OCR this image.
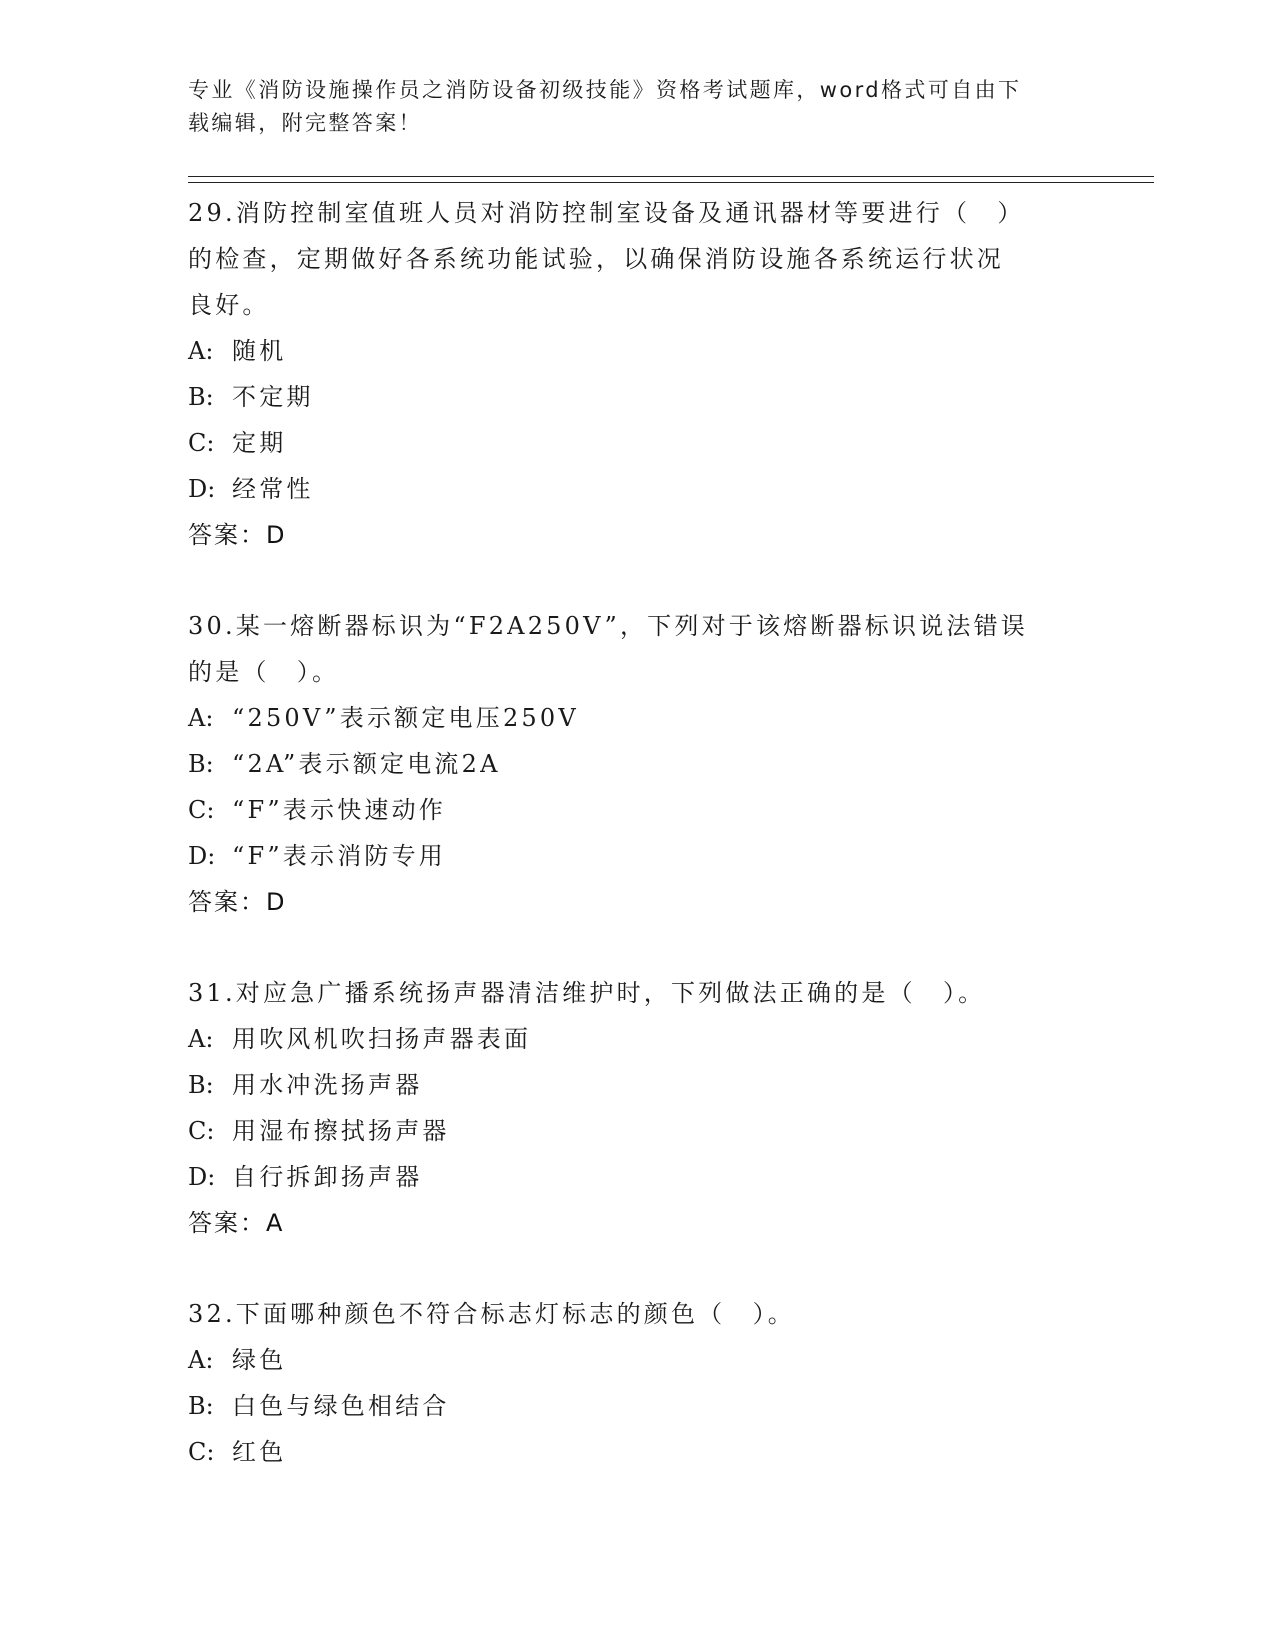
专业《消防设施操作员之消防设备初级技能》资格考试题库，word格式可自由下
载编辑，附完整答案！

29.消防控制室值班人员对消防控制室设备及通讯器材等要进行（　）

的检查，定期做好各系统功能试验，以确保消防设施各系统运行状况

良好。

A: 随机
B: 不定期
C: 定期
D: 经常性
答案：D

30.某一熔断器标识为“F2A250V”，下列对于该熔断器标识说法错误

的是（　）。

A: “250V”表示额定电压250V
B: “2A”表示额定电流2A
C: “F”表示快速动作
D: “F”表示消防专用
答案：D

31.对应急广播系统扬声器清洁维护时，下列做法正确的是（　）。

A: 用吹风机吹扫扬声器表面
B: 用水冲洗扬声器
C: 用湿布擦拭扬声器
D: 自行拆卸扬声器
答案：A

32.下面哪种颜色不符合标志灯标志的颜色（　）。

A: 绿色
B: 白色与绿色相结合
C: 红色
